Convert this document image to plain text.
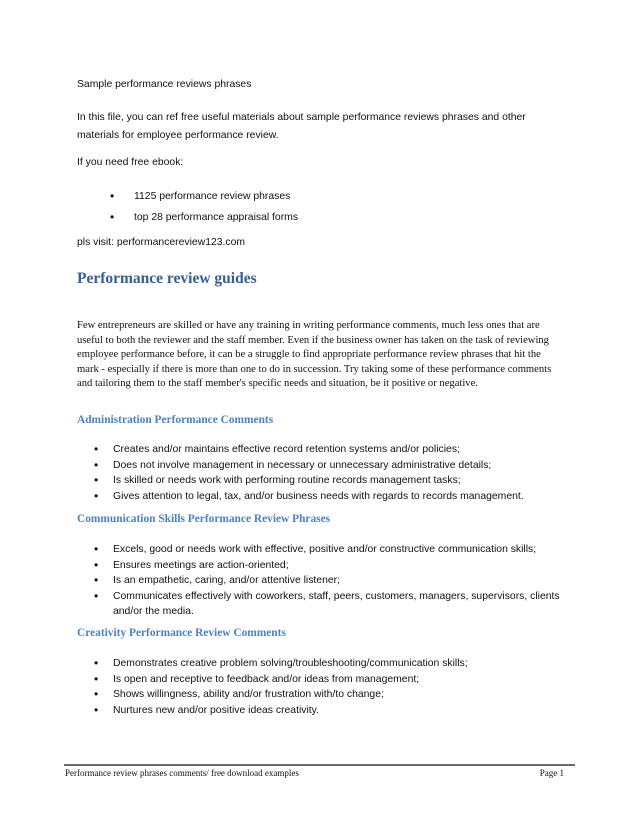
Sample performance reviews phrases

In this file, you can ref free useful materials about sample performance reviews phrases and other materials for employee performance review.

If you need free ebook:

• 1125 performance review phrases
• top 28 performance appraisal forms

pls visit: performancereview123.com

Performance review guides

Few entrepreneurs are skilled or have any training in writing performance comments, much less ones that are useful to both the reviewer and the staff member. Even if the business owner has taken on the task of reviewing employee performance before, it can be a struggle to find appropriate performance review phrases that hit the mark - especially if there is more than one to do in succession. Try taking some of these performance comments and tailoring them to the staff member's specific needs and situation, be it positive or negative.

Administration Performance Comments
• Creates and/or maintains effective record retention systems and/or policies;
• Does not involve management in necessary or unnecessary administrative details;
• Is skilled or needs work with performing routine records management tasks;
• Gives attention to legal, tax, and/or business needs with regards to records management.
Communication Skills Performance Review Phrases
• Excels, good or needs work with effective, positive and/or constructive communication skills;
• Ensures meetings are action-oriented;
• Is an empathetic, caring, and/or attentive listener;
• Communicates effectively with coworkers, staff, peers, customers, managers, supervisors, clients and/or the media.
Creativity Performance Review Comments
• Demonstrates creative problem solving/troubleshooting/communication skills;
• Is open and receptive to feedback and/or ideas from management;
• Shows willingness, ability and/or frustration with/to change;
• Nurtures new and/or positive ideas creativity.
Performance review phrases comments/ free download examples	Page 1
